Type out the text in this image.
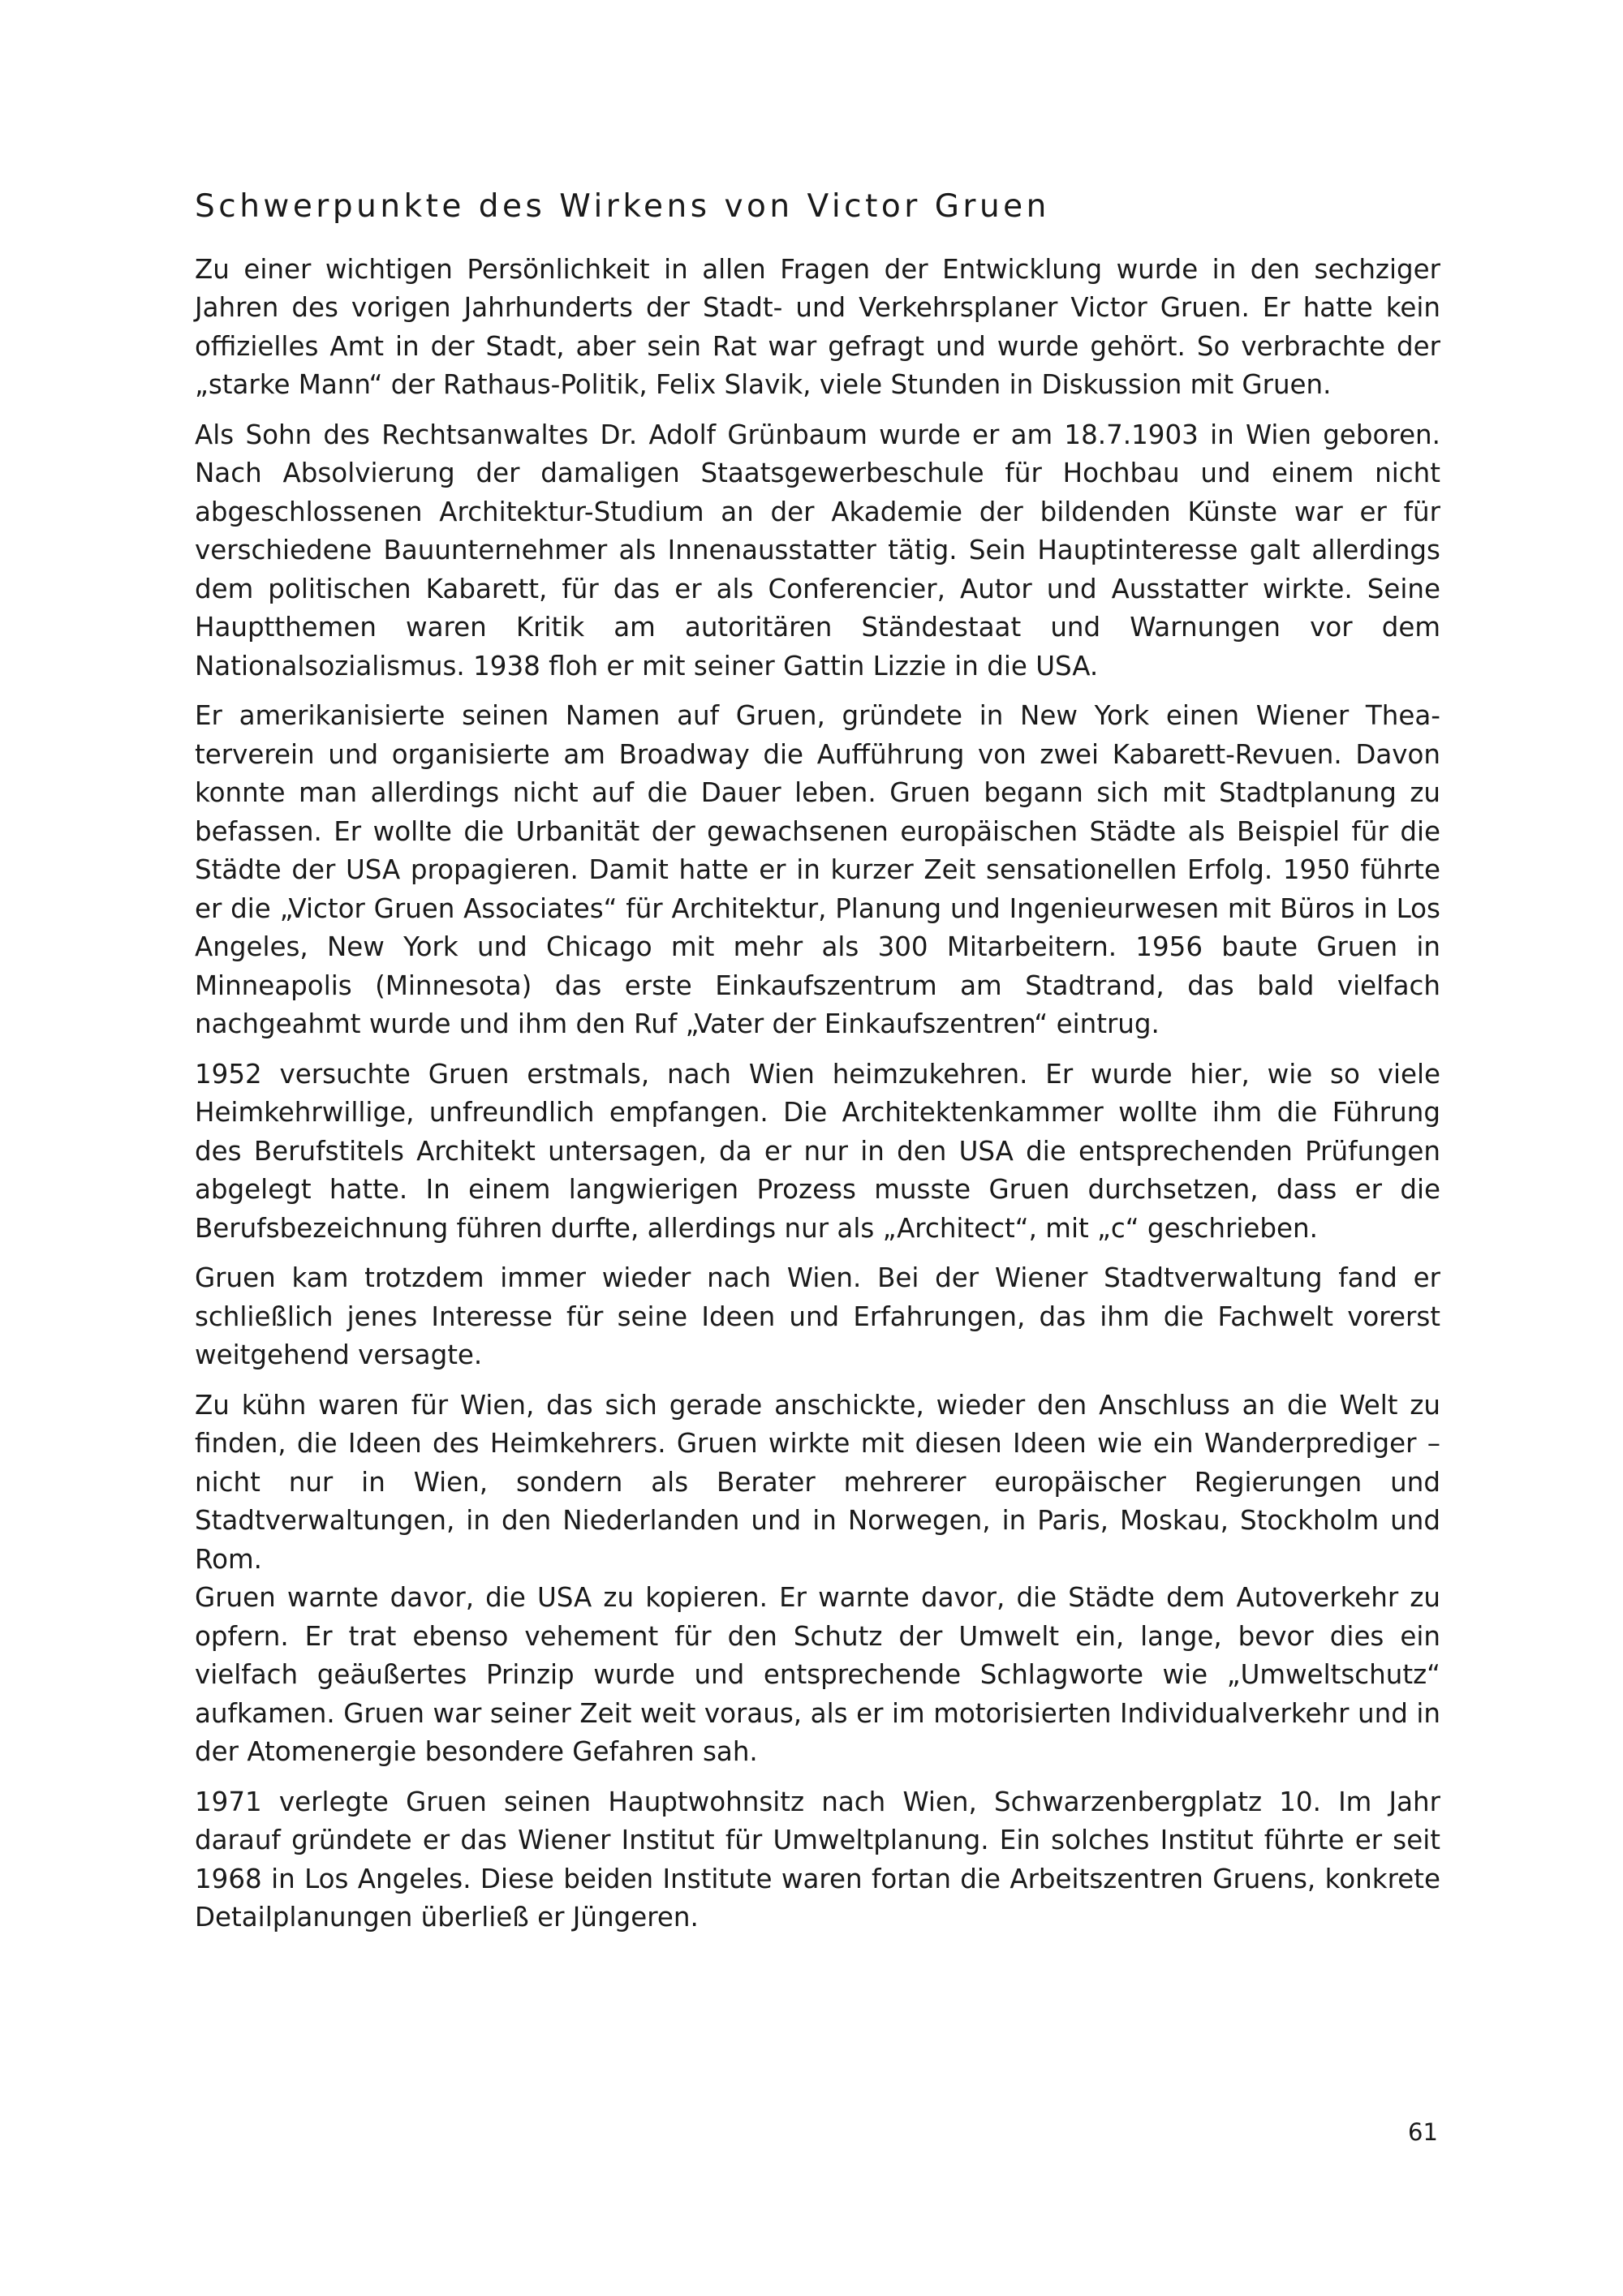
Schwerpunkte des Wirkens von Victor Gruen

Zu einer wichtigen Persönlichkeit in allen Fragen der Entwicklung wurde in den sechziger Jahren des vorigen Jahrhunderts der Stadt- und Verkehrsplaner Victor Gruen. Er hatte kein offizielles Amt in der Stadt, aber sein Rat war gefragt und wurde gehört. So verbrachte der „starke Mann“ der Rathaus-Politik, Felix Slavik, viele Stunden in Diskussion mit Gruen.

Als Sohn des Rechtsanwaltes Dr. Adolf Grünbaum wurde er am 18.7.1903 in Wien geboren. Nach Absolvierung der damaligen Staatsgewerbeschule für Hochbau und einem nicht abgeschlossenen Architektur-Studium an der Akademie der bildenden Künste war er für verschiedene Bauunternehmer als Innenausstatter tätig. Sein Hauptinteresse galt allerdings dem politischen Kabarett, für das er als Conferencier, Autor und Ausstatter wirkte. Seine Hauptthemen waren Kritik am autoritären Ständestaat und Warnungen vor dem Nationalsozialismus. 1938 floh er mit seiner Gattin Lizzie in die USA.

Er amerikanisierte seinen Namen auf Gruen, gründete in New York einen Wiener Theaterverein und organisierte am Broadway die Aufführung von zwei Kabarett-Revuen. Davon konnte man allerdings nicht auf die Dauer leben. Gruen begann sich mit Stadtplanung zu befassen. Er wollte die Urbanität der gewachsenen europäischen Städte als Beispiel für die Städte der USA propagieren. Damit hatte er in kurzer Zeit sensationellen Erfolg. 1950 führte er die „Victor Gruen Associates“ für Architektur, Planung und Ingenieurwesen mit Büros in Los Angeles, New York und Chicago mit mehr als 300 Mitarbeitern. 1956 baute Gruen in Minneapolis (Minnesota) das erste Einkaufszentrum am Stadtrand, das bald vielfach nachgeahmt wurde und ihm den Ruf „Vater der Einkaufszentren“ eintrug.

1952 versuchte Gruen erstmals, nach Wien heimzukehren. Er wurde hier, wie so viele Heimkehrwillige, unfreundlich empfangen. Die Architektenkammer wollte ihm die Führung des Berufstitels Architekt untersagen, da er nur in den USA die entsprechenden Prüfungen abgelegt hatte. In einem langwierigen Prozess musste Gruen durchsetzen, dass er die Berufsbezeichnung führen durfte, allerdings nur als „Architect“, mit „c“ geschrieben.

Gruen kam trotzdem immer wieder nach Wien. Bei der Wiener Stadtverwaltung fand er schließlich jenes Interesse für seine Ideen und Erfahrungen, das ihm die Fachwelt vorerst weitgehend versagte.

Zu kühn waren für Wien, das sich gerade anschickte, wieder den Anschluss an die Welt zu finden, die Ideen des Heimkehrers. Gruen wirkte mit diesen Ideen wie ein Wanderprediger – nicht nur in Wien, sondern als Berater mehrerer europäischer Regierungen und Stadtverwaltungen, in den Niederlanden und in Norwegen, in Paris, Moskau, Stockholm und Rom.

Gruen warnte davor, die USA zu kopieren. Er warnte davor, die Städte dem Autoverkehr zu opfern. Er trat ebenso vehement für den Schutz der Umwelt ein, lange, bevor dies ein vielfach geäußertes Prinzip wurde und entsprechende Schlagworte wie „Umweltschutz“ aufkamen. Gruen war seiner Zeit weit voraus, als er im motorisierten Individualverkehr und in der Atomenergie besondere Gefahren sah.

1971 verlegte Gruen seinen Hauptwohnsitz nach Wien, Schwarzenbergplatz 10. Im Jahr darauf gründete er das Wiener Institut für Umweltplanung. Ein solches Institut führte er seit 1968 in Los Angeles. Diese beiden Institute waren fortan die Arbeitszentren Gruens, konkrete Detailplanungen überließ er Jüngeren.

61
